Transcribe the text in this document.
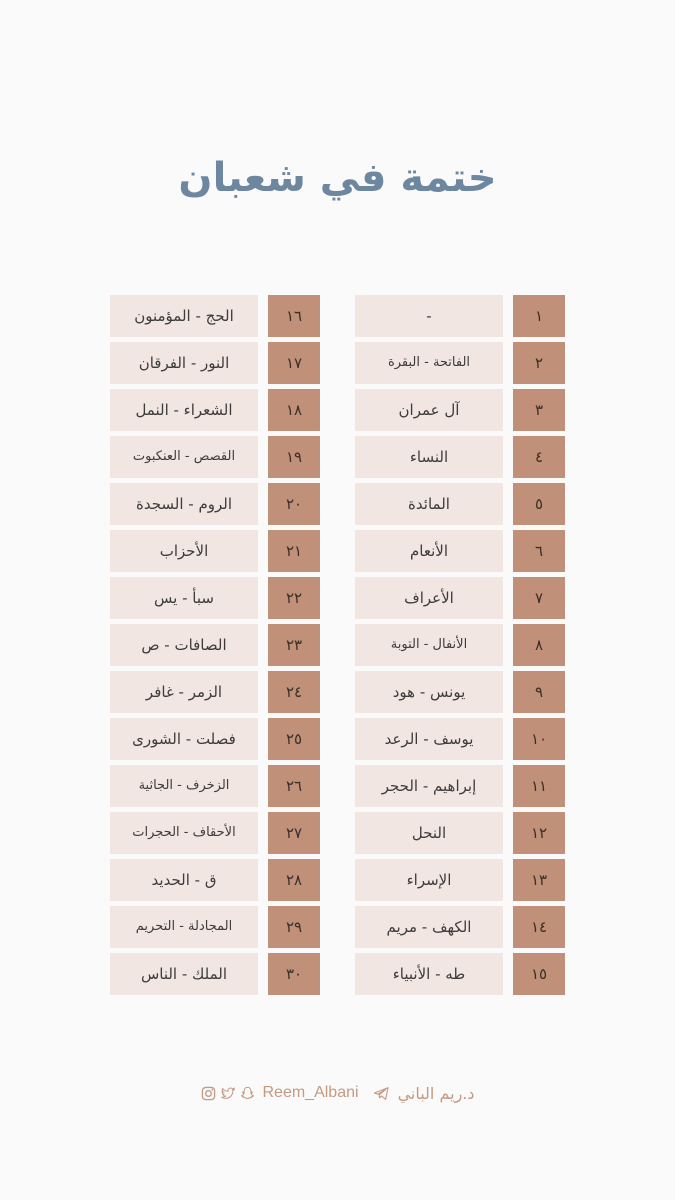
ختمة في شعبان
-	١
الفاتحة - البقرة	٢
آل عمران	٣
النساء	٤
المائدة	٥
الأنعام	٦
الأعراف	٧
الأنفال - التوبة	٨
يونس - هود	٩
يوسف - الرعد	١٠
إبراهيم - الحجر	١١
النحل	١٢
الإسراء	١٣
الكهف - مريم	١٤
طه - الأنبياء	١٥
الحج - المؤمنون	١٦
النور - الفرقان	١٧
الشعراء - النمل	١٨
القصص - العنكبوت	١٩
الروم - السجدة	٢٠
الأحزاب	٢١
سبأ - يس	٢٢
الصافات - ص	٢٣
الزمر - غافر	٢٤
فصلت - الشورى	٢٥
الزخرف - الجاثية	٢٦
الأحقاف - الحجرات	٢٧
ق - الحديد	٢٨
المجادلة - التحريم	٢٩
الملك - الناس	٣٠
Reem_Albani د.ريم الباني
